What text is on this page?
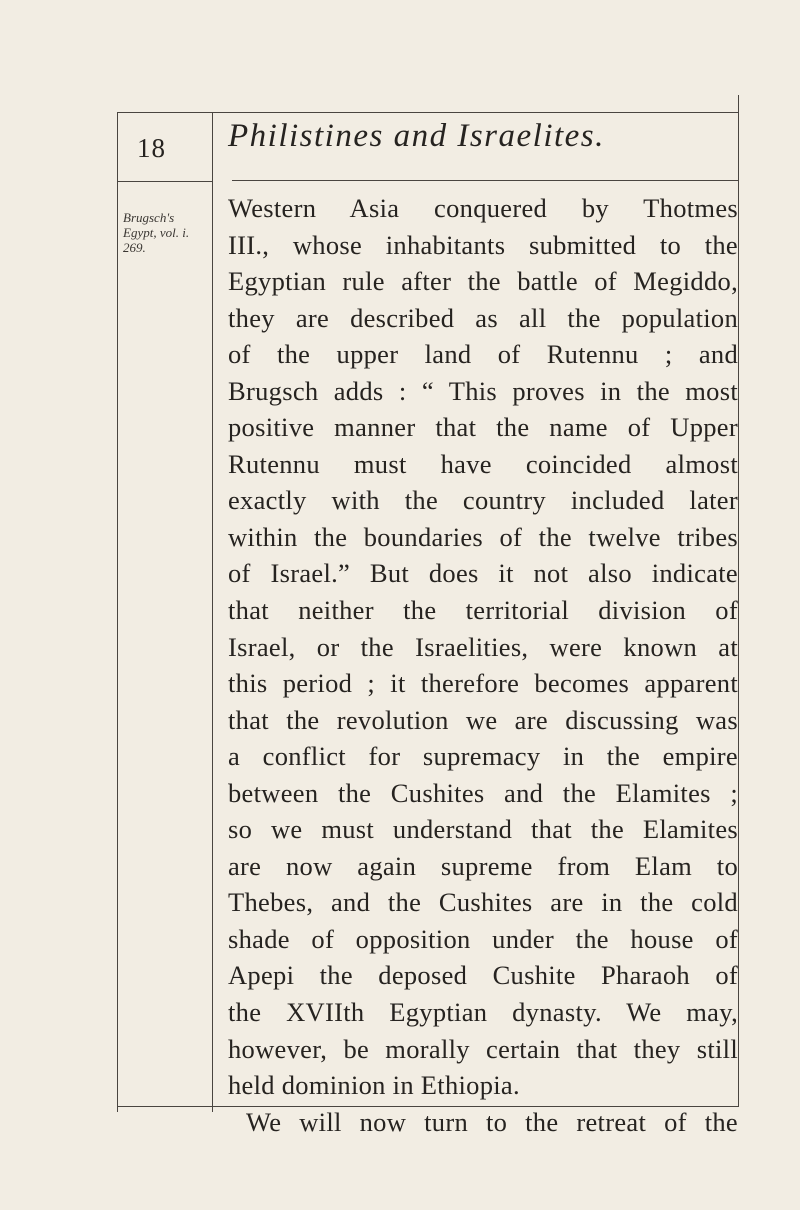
18 Philistines and Israelites.
Brugsch's
Egypt, vol. i.
269.
Western Asia conquered by Thotmes
III., whose inhabitants submitted to the
Egyptian rule after the battle of Megiddo,
they are described as all the population
of the upper land of Rutennu ; and
Brugsch adds : “ This proves in the most
positive manner that the name of Upper
Rutennu must have coincided almost
exactly with the country included later
within the boundaries of the twelve tribes
of Israel.” But does it not also indicate
that neither the territorial division of
Israel, or the Israelities, were known at
this period ; it therefore becomes apparent
that the revolution we are discussing was
a conflict for supremacy in the empire
between the Cushites and the Elamites ;
so we must understand that the Elamites
are now again supreme from Elam to
Thebes, and the Cushites are in the cold
shade of opposition under the house of
Apepi the deposed Cushite Pharaoh of
the XVIIth Egyptian dynasty. We may,
however, be morally certain that they still
held dominion in Ethiopia.
We will now turn to the retreat of the
